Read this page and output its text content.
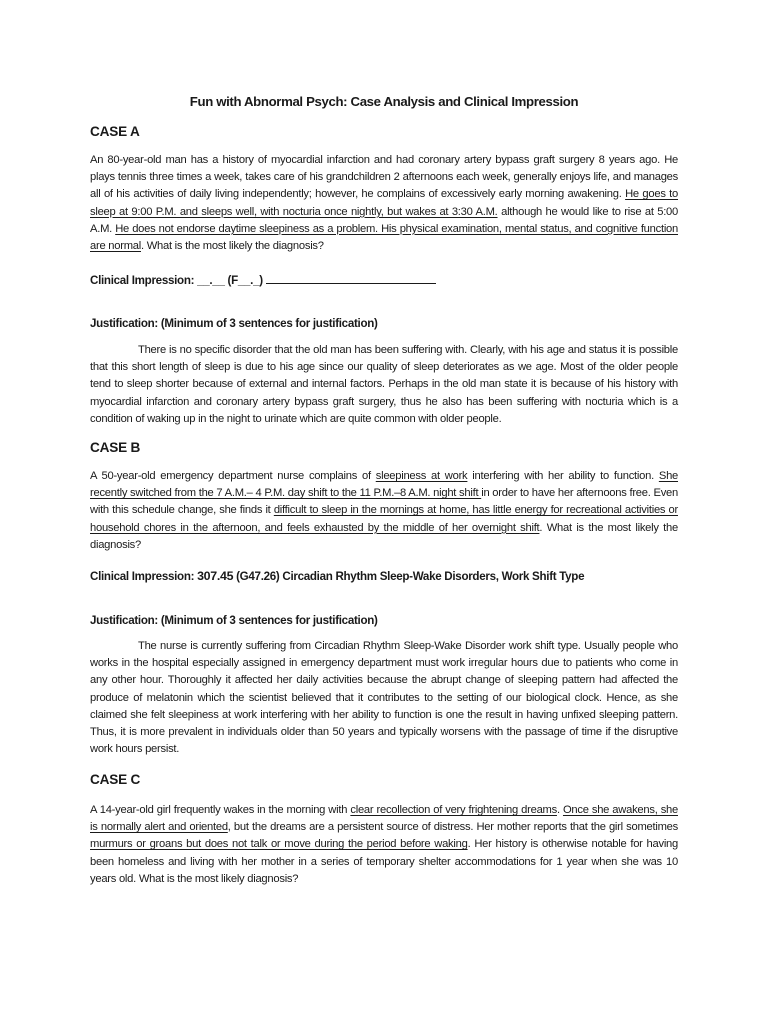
Fun with Abnormal Psych: Case Analysis and Clinical Impression
CASE A
An 80-year-old man has a history of myocardial infarction and had coronary artery bypass graft surgery 8 years ago. He plays tennis three times a week, takes care of his grandchildren 2 afternoons each week, generally enjoys life, and manages all of his activities of daily living independently; however, he complains of excessively early morning awakening. He goes to sleep at 9:00 P.M. and sleeps well, with nocturia once nightly, but wakes at 3:30 A.M. although he would like to rise at 5:00 A.M. He does not endorse daytime sleepiness as a problem. His physical examination, mental status, and cognitive function are normal. What is the most likely the diagnosis?
Clinical Impression: __.__ (F__._)
Justification: (Minimum of 3 sentences for justification)
There is no specific disorder that the old man has been suffering with. Clearly, with his age and status it is possible that this short length of sleep is due to his age since our quality of sleep deteriorates as we age. Most of the older people tend to sleep shorter because of external and internal factors. Perhaps in the old man state it is because of his history with myocardial infarction and coronary artery bypass graft surgery, thus he also has been suffering with nocturia which is a condition of waking up in the night to urinate which are quite common with older people.
CASE B
A 50-year-old emergency department nurse complains of sleepiness at work interfering with her ability to function. She recently switched from the 7 A.M.– 4 P.M. day shift to the 11 P.M.–8 A.M. night shift in order to have her afternoons free. Even with this schedule change, she finds it difficult to sleep in the mornings at home, has little energy for recreational activities or household chores in the afternoon, and feels exhausted by the middle of her overnight shift. What is the most likely the diagnosis?
Clinical Impression: 307.45 (G47.26) Circadian Rhythm Sleep-Wake Disorders, Work Shift Type
Justification: (Minimum of 3 sentences for justification)
The nurse is currently suffering from Circadian Rhythm Sleep-Wake Disorder work shift type. Usually people who works in the hospital especially assigned in emergency department must work irregular hours due to patients who come in any other hour. Thoroughly it affected her daily activities because the abrupt change of sleeping pattern had affected the produce of melatonin which the scientist believed that it contributes to the setting of our biological clock. Hence, as she claimed she felt sleepiness at work interfering with her ability to function is one the result in having unfixed sleeping pattern. Thus, it is more prevalent in individuals older than 50 years and typically worsens with the passage of time if the disruptive work hours persist.
CASE C
A 14-year-old girl frequently wakes in the morning with clear recollection of very frightening dreams. Once she awakens, she is normally alert and oriented, but the dreams are a persistent source of distress. Her mother reports that the girl sometimes murmurs or groans but does not talk or move during the period before waking. Her history is otherwise notable for having been homeless and living with her mother in a series of temporary shelter accommodations for 1 year when she was 10 years old. What is the most likely diagnosis?
